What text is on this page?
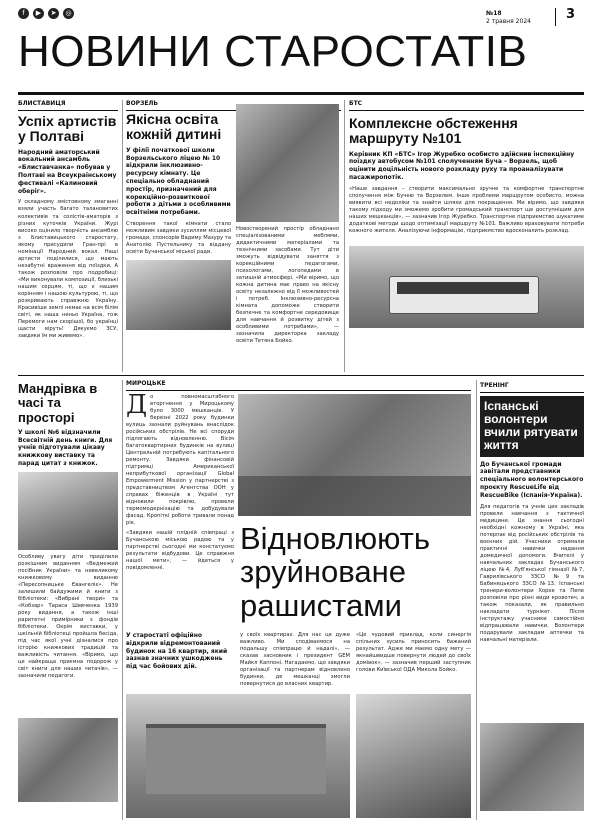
f	▶	➤	◎	№18
2 травня 2024	3
НОВИНИ СТАРОСТАТІВ
БЛИСТАВИЦЯ
Успіх артистів у Полтаві
Народний аматорський вокальний ансамбль «Блиставчанка» побував у Полтаві на Всеукраїнському фестивалі «Калиновий оберіг».
У складному змістовному змаганні взяли участь багато талановитих колективів та солістів-аматорів з різних куточків України. Журі високо оцінило творчість ансамблю з Блиставицького старостату, якому присудили Гран-прі в номінації Народний вокал. Наші артисти поділилися, що мають незабутні враження від поїздки. А також розповіли про подробиці: «Ми виконували композиції, близькі нашим серцям, ті, що є нашим корінням і нашою культурою, ті, що розкривають справжню Україну. Красивіше землі немає на всім білім світі, як наша неньо Україна, тож Перемоги нам скорішої, бо українці щасти віруть! Дякуємо ЗСУ, завдяки їм ми живемо».
ВОРЗЕЛЬ
Якісна освіта кожній дитині
У філії початкової школи Ворзельського ліцею № 10 відкрили інклюзивно-ресурсну кімнату. Це спеціально обладнаний простір, призначений для корекційно-розвиткової роботи з дітьми з особливими освітніми потребами.
Створення такої кімнати стало можливим завдяки зусиллям місцевої громади, спонсорів Вадиму Мазуру та Анатолію Пустельнику та віддану освіти Бучанської міської ради.
Новостворений простір обладнано спеціалізованими меблями, дидактичними матеріалами та технічними засобами. Тут діти зможуть відвідувати заняття з корекційними педагогами, психологами, логопедами в затишній атмосфері. «Ми віримо, що кожна дитина має право на якісну освіту незалежно від її можливостей і потреб. Інклюзивно-ресурсна кімната допоможе створити безпечне та комфортне середовище для навчання й розвитку дітей з особливими потребами», — зазначила директорка закладу освіти Тетяна Бойко.
БТС
Комплексне обстеження маршруту №101
Керівник КП «БТС» Ігор Журебко особисто здійснив інспекційну поїздку автобусом №101 сполученням Буча – Ворзель, щоб оцінити доцільність нового розкладу руху та проаналізувати пасажиропотік.
«Наше завдання – створити максимально зручне та комфортне транспортне сполучення між Бучею та Ворзелем. Інше проблеми маршрутом особисто, можна виявити всі недоліки та знайти шляхи для покращення. Ми віримо, що завдяки такому підходу ми зможемо зробити громадський транспорт ще доступнішим для наших мешканців», — зазначив Ігор Журебко. Транспортне підприємство шукатиме додаткові методи щодо оптимізації маршруту №101. Важливо враховувати потреби кожного жителя. Аналізуючи інформацію, підприємство вдосконалить розклад.
Мандрівка в часі та просторі
У школі №6 відзначили Всесвітній день книги. Для учнів підготували цікаву книжкову виставку та парад цитат з книжок.
Особливу увагу діти приділили розкішним виданням «Ведмежий посібник України» та невеликому книжковому виданню «Пересопницьке Євангеліє». Не залишили байдужими й книги з бібліотеки: «Вибрані твори» та «Кобзар» Тараса Шевченка 1939 року видання, а також інші раритетні примірники з фондів бібліотеки. Окрім виставки, у шкільній бібліотеці пройшла бесіда, під час якої учні дізналися про історію книжкових традицій та важливість читання. «Віримо, що це найкраща приємна подорож у світ книги для наших читачів», — зазначили педагоги.
МИРОЦЬКЕ
Д о повномасштабного вторгнення у Мироцькому було 3000 мешканців. У березні 2022 року будинки вулиць зазнали руйнувань внаслідок російських обстрілів. Не всі споруди підлягають відновленню. Вісім багатоквартирних будинків на вулиці Центральній потребують капітального ремонту. Завдяки фінансовій підтримці Американської неприбуткової організації Global Empowerment Mission у партнерстві з представництвом Агентства ООН у справах біженців в Україні тут відновили покрівлю, провели термомодернізацію та добудували фасад. Кропіткі роботи тривали понад рік.
«Завдяки нашій плідній співпраці з Бучанською міською радою та у партнерстві сьогодні ми констатуємо результати відбудови. Це справжня нашої мети», — йдеться у повідомленні.
Відновлюють зруйноване рашистами
У старостаті офіційно відкрили відремонтований будинок на 16 квартир, який зазнав значних ушкоджень під час бойових дій.
у своїх квартирах. Для нас це дуже важливо. Ми сподіваємося на подальшу співпрацю й надалі», — сказав засновник і президент GEM Майкл Каппоні. Нагадаємо, що завдяки організації та партнерам відновлено будинки, де мешканці змогли повернутися до власних квартир.
«Це чудовий приклад, коли синергія спільних зусиль приносить бажаний результат. Адже ми маємо одну мету — якнайшвидше повернути людей до своїх домівок», — зазначив перший заступник голови Київської ОДА Микола Бойко.
ТРЕНІНГ
Іспанські волонтери вчили рятувати життя
До Бучанської громади завітали представники спеціального волонтерського проєкту RescueLife від RescueBike (Іспанія-Україна).
Для педагогів та учнів цих закладів провели навчання з тактичної медицини. Це знання сьогодні необхідні кожному в Україні, яка потерпає від російських обстрілів та воєнних дій. Учасники отримали практичні навички надання домедичної допомоги. Вчителі у навчальних закладах Бучанського ліцею №4, Луб'янської гімназії №7, Гаврилівського ЗЗСО №9 та Бабинецького ЗЗСО №13. Іспанські тренери-волонтери Хорхе та Пепе розповіли про різні види кровотеч, а також показали, як правильно накладати турнікет. Після інструктажу учасники самостійно відпрацювали навички. Волонтери подарували закладам аптечки та навчальні матеріали.
